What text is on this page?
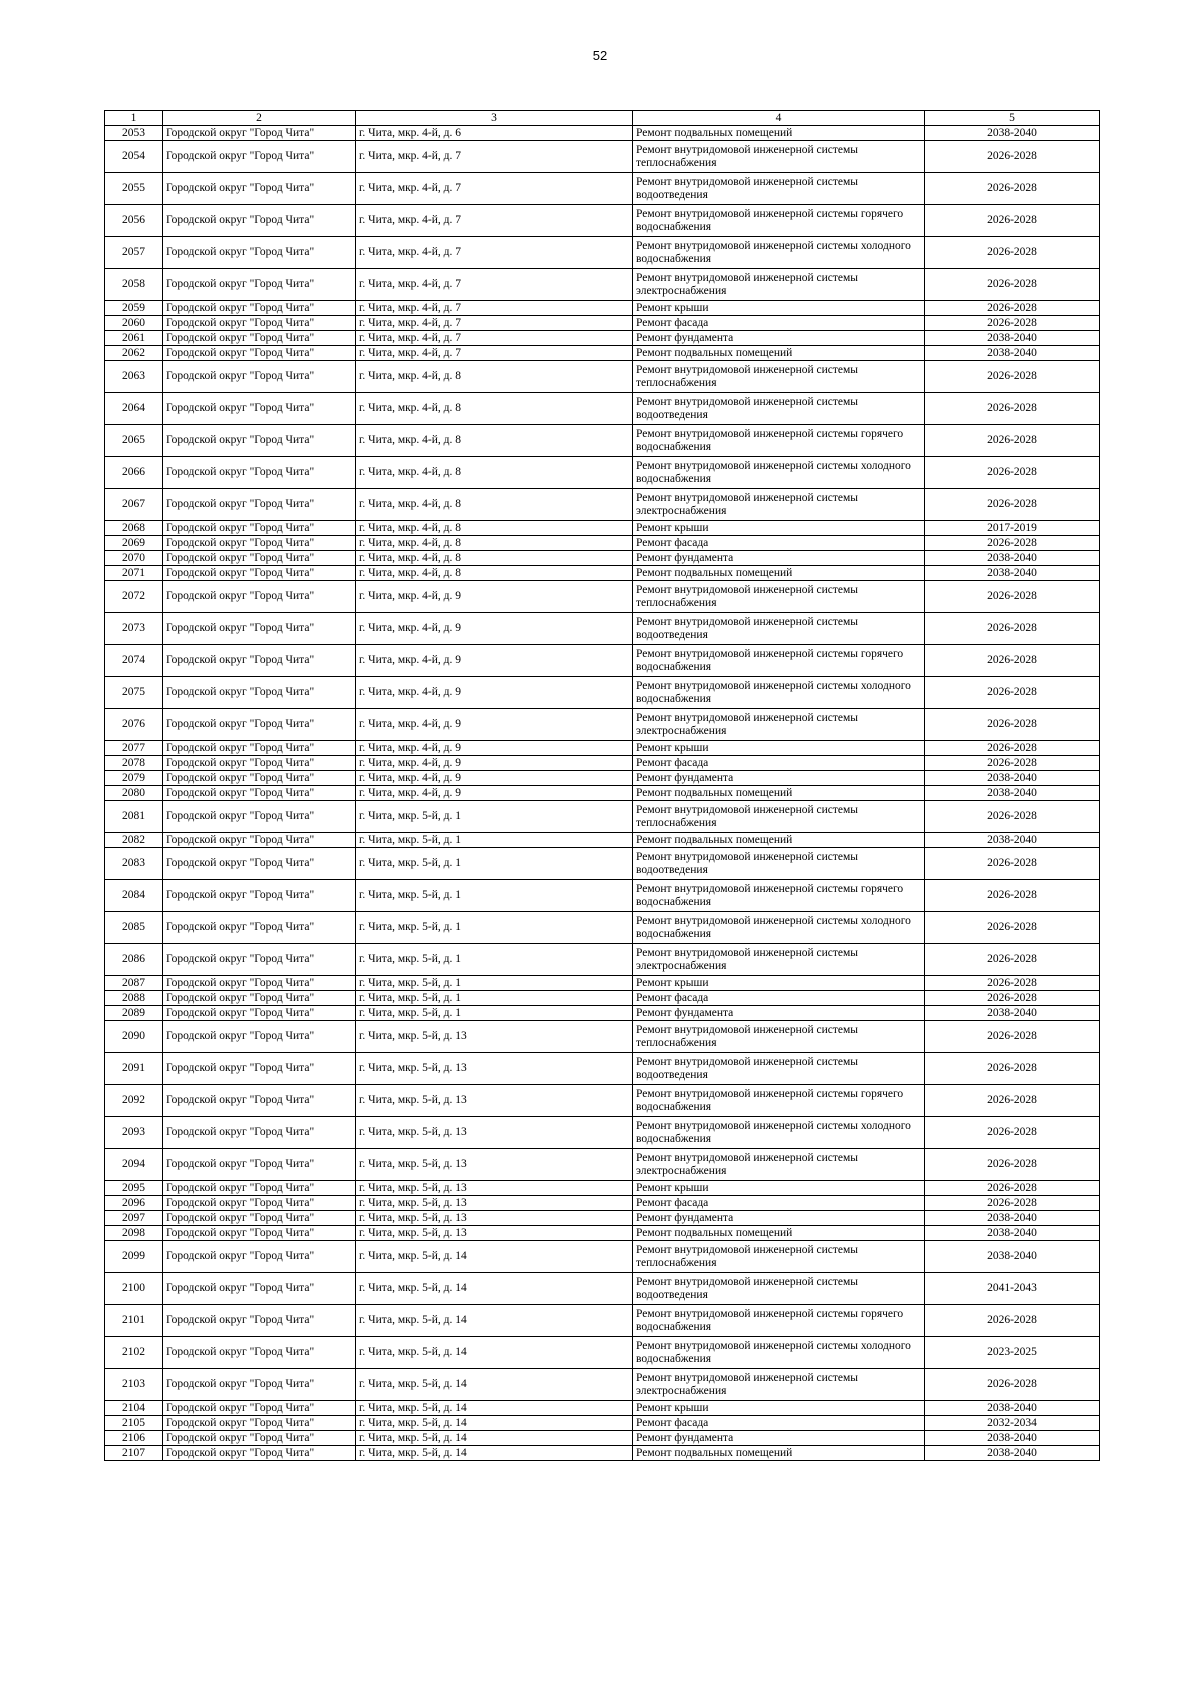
52
1	2	3	4	5
2053	Городской округ "Город Чита"	г. Чита, мкр. 4-й, д. 6	Ремонт подвальных помещений	2038-2040
2054	Городской округ "Город Чита"	г. Чита, мкр. 4-й, д. 7	Ремонт внутридомовой инженерной системы теплоснабжения	2026-2028
2055	Городской округ "Город Чита"	г. Чита, мкр. 4-й, д. 7	Ремонт внутридомовой инженерной системы водоотведения	2026-2028
2056	Городской округ "Город Чита"	г. Чита, мкр. 4-й, д. 7	Ремонт внутридомовой инженерной системы горячего водоснабжения	2026-2028
2057	Городской округ "Город Чита"	г. Чита, мкр. 4-й, д. 7	Ремонт внутридомовой инженерной системы холодного водоснабжения	2026-2028
2058	Городской округ "Город Чита"	г. Чита, мкр. 4-й, д. 7	Ремонт внутридомовой инженерной системы электроснабжения	2026-2028
2059	Городской округ "Город Чита"	г. Чита, мкр. 4-й, д. 7	Ремонт крыши	2026-2028
2060	Городской округ "Город Чита"	г. Чита, мкр. 4-й, д. 7	Ремонт фасада	2026-2028
2061	Городской округ "Город Чита"	г. Чита, мкр. 4-й, д. 7	Ремонт фундамента	2038-2040
2062	Городской округ "Город Чита"	г. Чита, мкр. 4-й, д. 7	Ремонт подвальных помещений	2038-2040
2063	Городской округ "Город Чита"	г. Чита, мкр. 4-й, д. 8	Ремонт внутридомовой инженерной системы теплоснабжения	2026-2028
2064	Городской округ "Город Чита"	г. Чита, мкр. 4-й, д. 8	Ремонт внутридомовой инженерной системы водоотведения	2026-2028
2065	Городской округ "Город Чита"	г. Чита, мкр. 4-й, д. 8	Ремонт внутридомовой инженерной системы горячего водоснабжения	2026-2028
2066	Городской округ "Город Чита"	г. Чита, мкр. 4-й, д. 8	Ремонт внутридомовой инженерной системы холодного водоснабжения	2026-2028
2067	Городской округ "Город Чита"	г. Чита, мкр. 4-й, д. 8	Ремонт внутридомовой инженерной системы электроснабжения	2026-2028
2068	Городской округ "Город Чита"	г. Чита, мкр. 4-й, д. 8	Ремонт крыши	2017-2019
2069	Городской округ "Город Чита"	г. Чита, мкр. 4-й, д. 8	Ремонт фасада	2026-2028
2070	Городской округ "Город Чита"	г. Чита, мкр. 4-й, д. 8	Ремонт фундамента	2038-2040
2071	Городской округ "Город Чита"	г. Чита, мкр. 4-й, д. 8	Ремонт подвальных помещений	2038-2040
2072	Городской округ "Город Чита"	г. Чита, мкр. 4-й, д. 9	Ремонт внутридомовой инженерной системы теплоснабжения	2026-2028
2073	Городской округ "Город Чита"	г. Чита, мкр. 4-й, д. 9	Ремонт внутридомовой инженерной системы водоотведения	2026-2028
2074	Городской округ "Город Чита"	г. Чита, мкр. 4-й, д. 9	Ремонт внутридомовой инженерной системы горячего водоснабжения	2026-2028
2075	Городской округ "Город Чита"	г. Чита, мкр. 4-й, д. 9	Ремонт внутридомовой инженерной системы холодного водоснабжения	2026-2028
2076	Городской округ "Город Чита"	г. Чита, мкр. 4-й, д. 9	Ремонт внутридомовой инженерной системы электроснабжения	2026-2028
2077	Городской округ "Город Чита"	г. Чита, мкр. 4-й, д. 9	Ремонт крыши	2026-2028
2078	Городской округ "Город Чита"	г. Чита, мкр. 4-й, д. 9	Ремонт фасада	2026-2028
2079	Городской округ "Город Чита"	г. Чита, мкр. 4-й, д. 9	Ремонт фундамента	2038-2040
2080	Городской округ "Город Чита"	г. Чита, мкр. 4-й, д. 9	Ремонт подвальных помещений	2038-2040
2081	Городской округ "Город Чита"	г. Чита, мкр. 5-й, д. 1	Ремонт внутридомовой инженерной системы теплоснабжения	2026-2028
2082	Городской округ "Город Чита"	г. Чита, мкр. 5-й, д. 1	Ремонт подвальных помещений	2038-2040
2083	Городской округ "Город Чита"	г. Чита, мкр. 5-й, д. 1	Ремонт внутридомовой инженерной системы водоотведения	2026-2028
2084	Городской округ "Город Чита"	г. Чита, мкр. 5-й, д. 1	Ремонт внутридомовой инженерной системы горячего водоснабжения	2026-2028
2085	Городской округ "Город Чита"	г. Чита, мкр. 5-й, д. 1	Ремонт внутридомовой инженерной системы холодного водоснабжения	2026-2028
2086	Городской округ "Город Чита"	г. Чита, мкр. 5-й, д. 1	Ремонт внутридомовой инженерной системы электроснабжения	2026-2028
2087	Городской округ "Город Чита"	г. Чита, мкр. 5-й, д. 1	Ремонт крыши	2026-2028
2088	Городской округ "Город Чита"	г. Чита, мкр. 5-й, д. 1	Ремонт фасада	2026-2028
2089	Городской округ "Город Чита"	г. Чита, мкр. 5-й, д. 1	Ремонт фундамента	2038-2040
2090	Городской округ "Город Чита"	г. Чита, мкр. 5-й, д. 13	Ремонт внутридомовой инженерной системы теплоснабжения	2026-2028
2091	Городской округ "Город Чита"	г. Чита, мкр. 5-й, д. 13	Ремонт внутридомовой инженерной системы водоотведения	2026-2028
2092	Городской округ "Город Чита"	г. Чита, мкр. 5-й, д. 13	Ремонт внутридомовой инженерной системы горячего водоснабжения	2026-2028
2093	Городской округ "Город Чита"	г. Чита, мкр. 5-й, д. 13	Ремонт внутридомовой инженерной системы холодного водоснабжения	2026-2028
2094	Городской округ "Город Чита"	г. Чита, мкр. 5-й, д. 13	Ремонт внутридомовой инженерной системы электроснабжения	2026-2028
2095	Городской округ "Город Чита"	г. Чита, мкр. 5-й, д. 13	Ремонт крыши	2026-2028
2096	Городской округ "Город Чита"	г. Чита, мкр. 5-й, д. 13	Ремонт фасада	2026-2028
2097	Городской округ "Город Чита"	г. Чита, мкр. 5-й, д. 13	Ремонт фундамента	2038-2040
2098	Городской округ "Город Чита"	г. Чита, мкр. 5-й, д. 13	Ремонт подвальных помещений	2038-2040
2099	Городской округ "Город Чита"	г. Чита, мкр. 5-й, д. 14	Ремонт внутридомовой инженерной системы теплоснабжения	2038-2040
2100	Городской округ "Город Чита"	г. Чита, мкр. 5-й, д. 14	Ремонт внутридомовой инженерной системы водоотведения	2041-2043
2101	Городской округ "Город Чита"	г. Чита, мкр. 5-й, д. 14	Ремонт внутридомовой инженерной системы горячего водоснабжения	2026-2028
2102	Городской округ "Город Чита"	г. Чита, мкр. 5-й, д. 14	Ремонт внутридомовой инженерной системы холодного водоснабжения	2023-2025
2103	Городской округ "Город Чита"	г. Чита, мкр. 5-й, д. 14	Ремонт внутридомовой инженерной системы электроснабжения	2026-2028
2104	Городской округ "Город Чита"	г. Чита, мкр. 5-й, д. 14	Ремонт крыши	2038-2040
2105	Городской округ "Город Чита"	г. Чита, мкр. 5-й, д. 14	Ремонт фасада	2032-2034
2106	Городской округ "Город Чита"	г. Чита, мкр. 5-й, д. 14	Ремонт фундамента	2038-2040
2107	Городской округ "Город Чита"	г. Чита, мкр. 5-й, д. 14	Ремонт подвальных помещений	2038-2040
